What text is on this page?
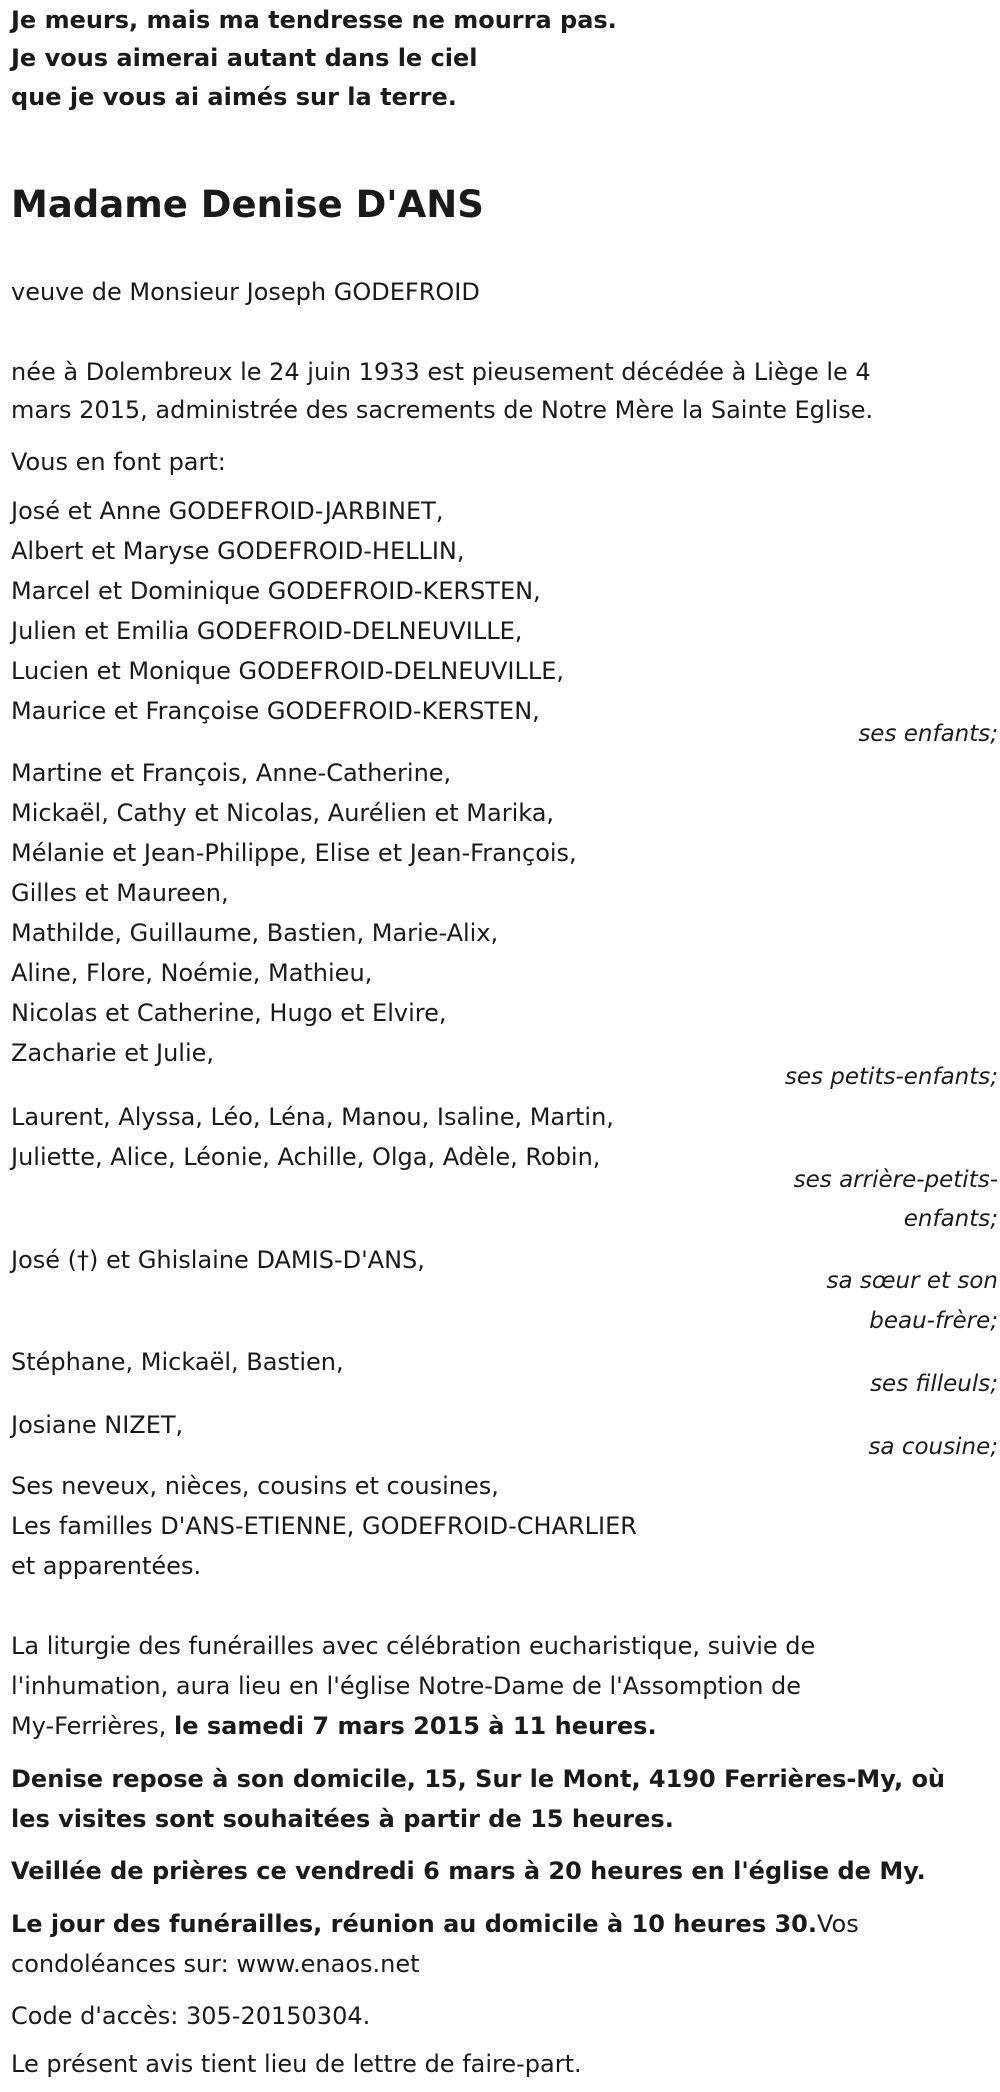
Je meurs, mais ma tendresse ne mourra pas.
Je vous aimerai autant dans le ciel
que je vous ai aimés sur la terre.
Madame Denise D'ANS
veuve de Monsieur Joseph GODEFROID
née à Dolembreux le 24 juin 1933 est pieusement décédée à Liège le 4
mars 2015, administrée des sacrements de Notre Mère la Sainte Eglise.
Vous en font part:
José et Anne GODEFROID-JARBINET,
Albert et Maryse GODEFROID-HELLIN,
Marcel et Dominique GODEFROID-KERSTEN,
Julien et Emilia GODEFROID-DELNEUVILLE,
Lucien et Monique GODEFROID-DELNEUVILLE,
Maurice et Françoise GODEFROID-KERSTEN,
ses enfants;
Martine et François, Anne-Catherine,
Mickaël, Cathy et Nicolas, Aurélien et Marika,
Mélanie et Jean-Philippe, Elise et Jean-François,
Gilles et Maureen,
Mathilde, Guillaume, Bastien, Marie-Alix,
Aline, Flore, Noémie, Mathieu,
Nicolas et Catherine, Hugo et Elvire,
Zacharie et Julie,
ses petits-enfants;
Laurent, Alyssa, Léo, Léna, Manou, Isaline, Martin,
Juliette, Alice, Léonie, Achille, Olga, Adèle, Robin,
ses arrière-petits-
enfants;
José (†) et Ghislaine DAMIS-D'ANS,
sa sœur et son
beau-frère;
Stéphane, Mickaël, Bastien,
ses filleuls;
Josiane NIZET,
sa cousine;
Ses neveux, nièces, cousins et cousines,
Les familles D'ANS-ETIENNE, GODEFROID-CHARLIER
et apparentées.
La liturgie des funérailles avec célébration eucharistique, suivie de
l'inhumation, aura lieu en l'église Notre-Dame de l'Assomption de
My-Ferrières, le samedi 7 mars 2015 à 11 heures.
Denise repose à son domicile, 15, Sur le Mont, 4190 Ferrières-My, où
les visites sont souhaitées à partir de 15 heures.
Veillée de prières ce vendredi 6 mars à 20 heures en l'église de My.
Le jour des funérailles, réunion au domicile à 10 heures 30.Vos
condoléances sur: www.enaos.net
Code d'accès: 305-20150304.
Le présent avis tient lieu de lettre de faire-part.
